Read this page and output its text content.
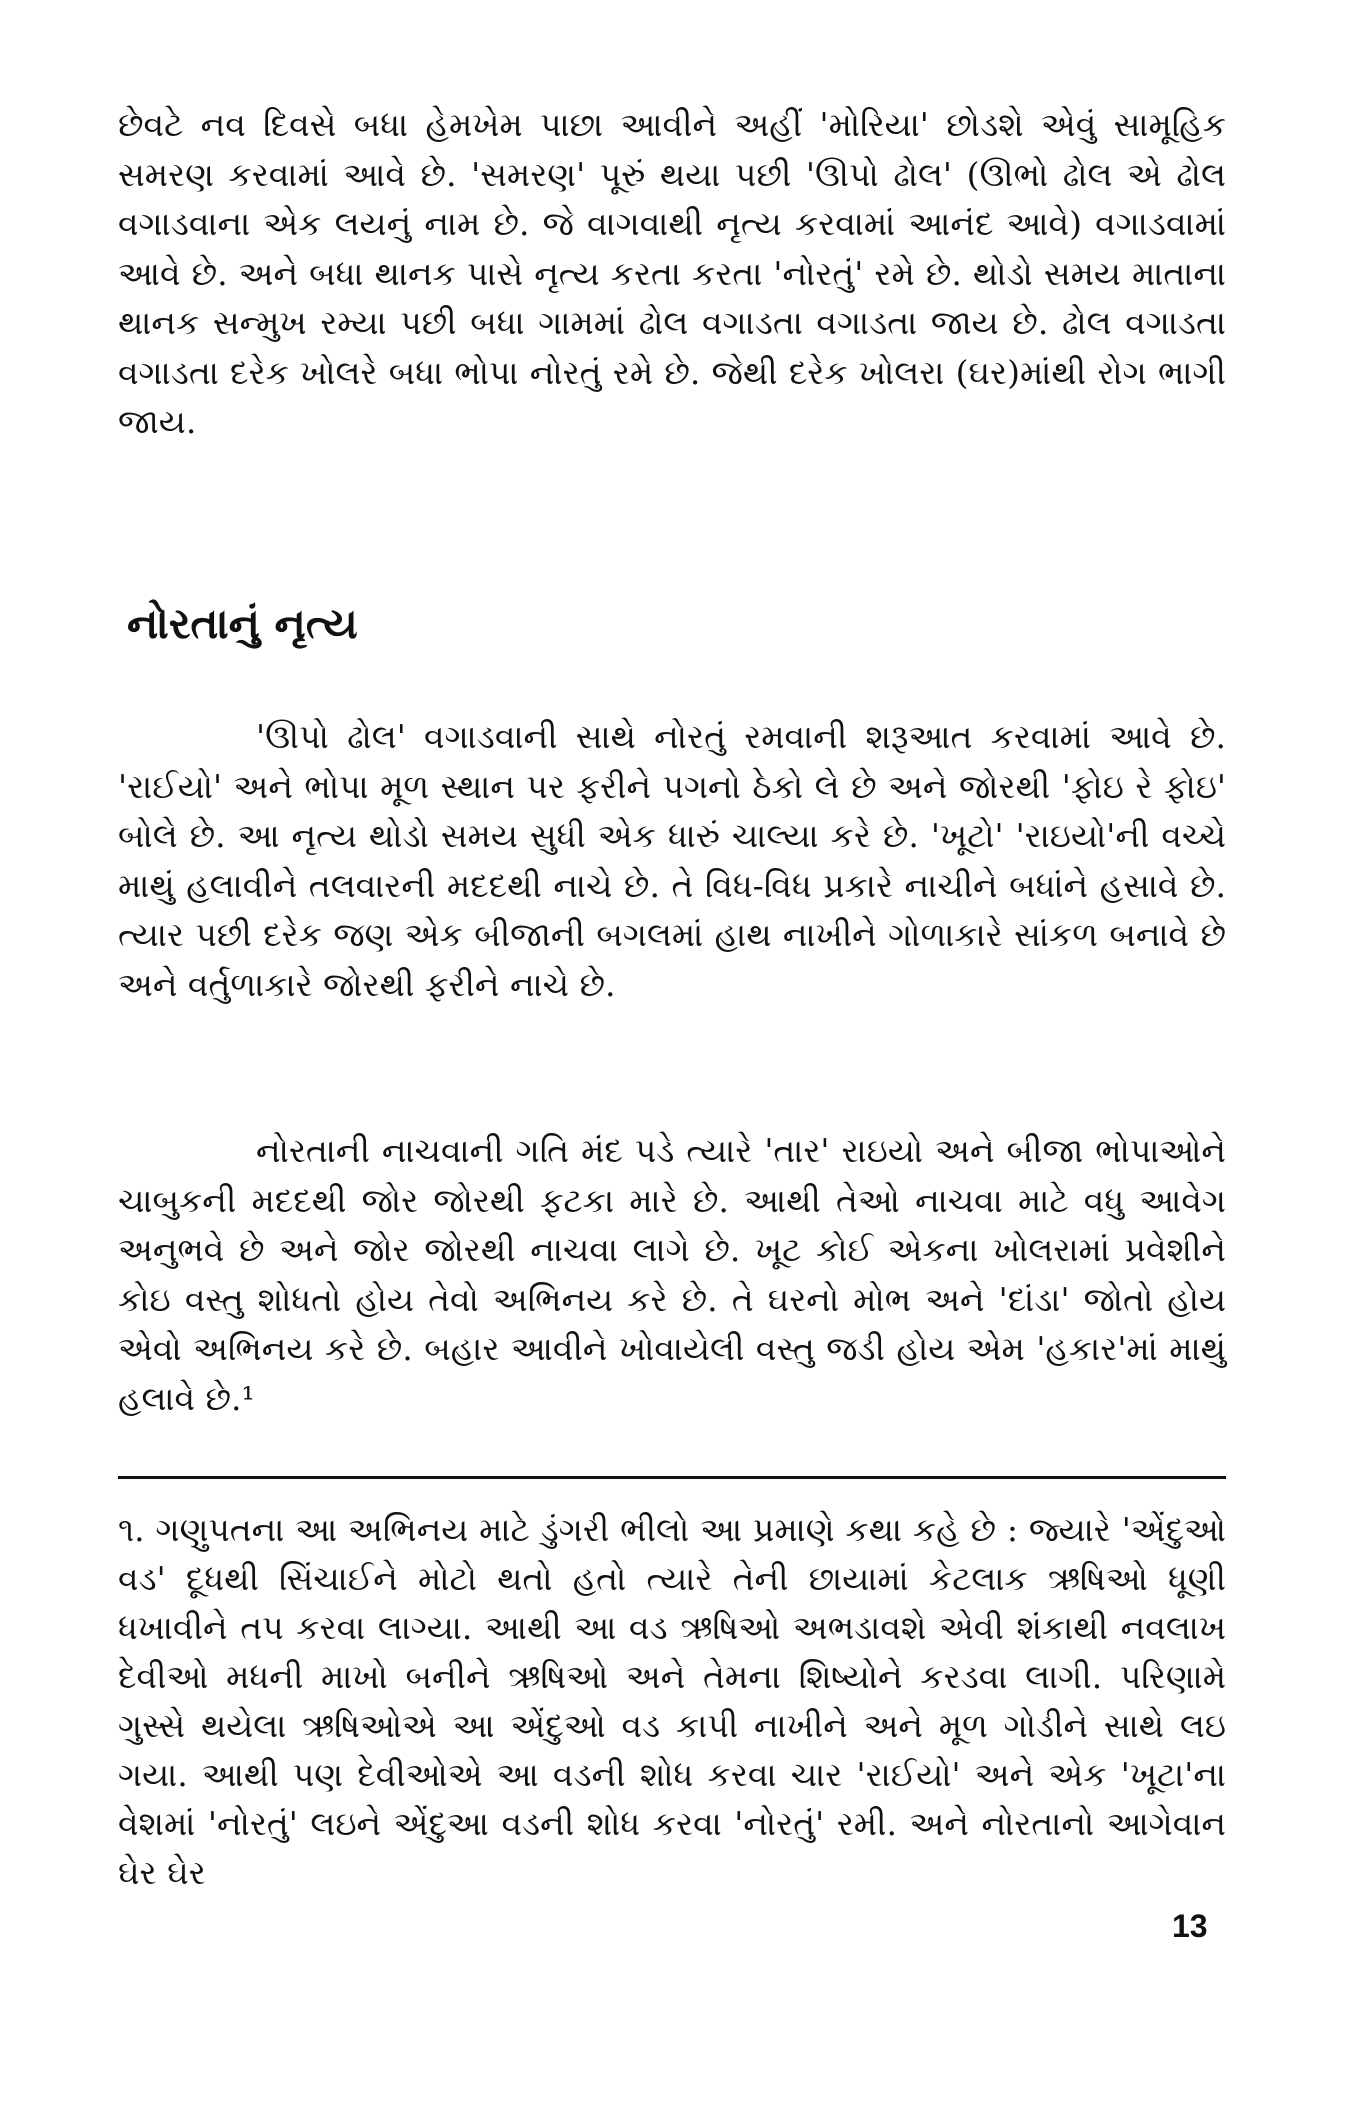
છેવટે નવ દિવસે બધા હેમખેમ પાછા આવીને અહીં 'મોરિયા' છોડશે એવું સામૂહિક સમરણ કરવામાં આવે છે. 'સમરણ' પૂરું થયા પછી 'ઊપો ઢોલ' (ઊભો ઢોલ એ ઢોલ વગાડવાના એક લયનું નામ છે. જે વાગવાથી નૃત્ય કરવામાં આનંદ આવે) વગાડવામાં આવે છે. અને બધા થાનક પાસે નૃત્ય કરતા કરતા 'નોરતું' રમે છે. થોડો સમય માતાના થાનક સન્મુખ રમ્યા પછી બધા ગામમાં ઢોલ વગાડતા વગાડતા જાય છે. ઢોલ વગાડતા વગાડતા દરેક ખોલરે બધા ભોપા નોરતું રમે છે. જેથી દરેક ખોલરા (ઘર)માંથી રોગ ભાગી જાય.

નોરતાનું નૃત્ય

'ઊપો ઢોલ' વગાડવાની સાથે નોરતું રમવાની શરૂઆત કરવામાં આવે છે. 'રાઈયો' અને ભોપા મૂળ સ્થાન પર ફરીને પગનો ઠેકો લે છે અને જોરથી 'ફોઇ રે ફોઇ' બોલે છે. આ નૃત્ય થોડો સમય સુધી એક ધારું ચાલ્યા કરે છે. 'ખૂટો' 'રાઇયો'ની વચ્ચે માથું હલાવીને તલવારની મદદથી નાચે છે. તે વિધ-વિધ પ્રકારે નાચીને બધાંને હસાવે છે. ત્યાર પછી દરેક જણ એક બીજાની બગલમાં હાથ નાખીને ગોળાકારે સાંકળ બનાવે છે અને વર્તુળાકારે જોરથી ફરીને નાચે છે.

નોરતાની નાચવાની ગતિ મંદ પડે ત્યારે 'તાર' રાઇયો અને બીજા ભોપાઓને ચાબુકની મદદથી જોર જોરથી ફટકા મારે છે. આથી તેઓ નાચવા માટે વધુ આવેગ અનુભવે છે અને જોર જોરથી નાચવા લાગે છે. ખૂટ કોઈ એકના ખોલરામાં પ્રવેશીને કોઇ વસ્તુ શોધતો હોય તેવો અભિનય કરે છે. તે ઘરનો મોભ અને 'દાંડા' જોતો હોય એવો અભિનય કરે છે. બહાર આવીને ખોવાયેલી વસ્તુ જડી હોય એમ 'હકાર'માં માથું હલાવે છે.¹

૧. ગણુપતના આ અભિનય માટે ડુંગરી ભીલો આ પ્રમાણે કથા કહે છે : જ્યારે 'એંદુઓ વડ' દૂધથી સિંચાઈને મોટો થતો હતો ત્યારે તેની છાયામાં કેટલાક ઋષિઓ ધૂણી ધખાવીને તપ કરવા લાગ્યા. આથી આ વડ ઋષિઓ અભડાવશે એવી શંકાથી નવલાખ દેવીઓ મધની માખો બનીને ઋષિઓ અને તેમના શિષ્યોને કરડવા લાગી. પરિણામે ગુસ્સે થયેલા ઋષિઓએ આ એંદુઓ વડ કાપી નાખીને અને મૂળ ગોડીને સાથે લઇ ગયા. આથી પણ દેવીઓએ આ વડની શોધ કરવા ચાર 'રાઈયો' અને એક 'ખૂટા'ના વેશમાં 'નોરતું' લઇને એંદુઆ વડની શોધ કરવા 'નોરતું' રમી. અને નોરતાનો આગેવાન ઘેર ઘેર

13
